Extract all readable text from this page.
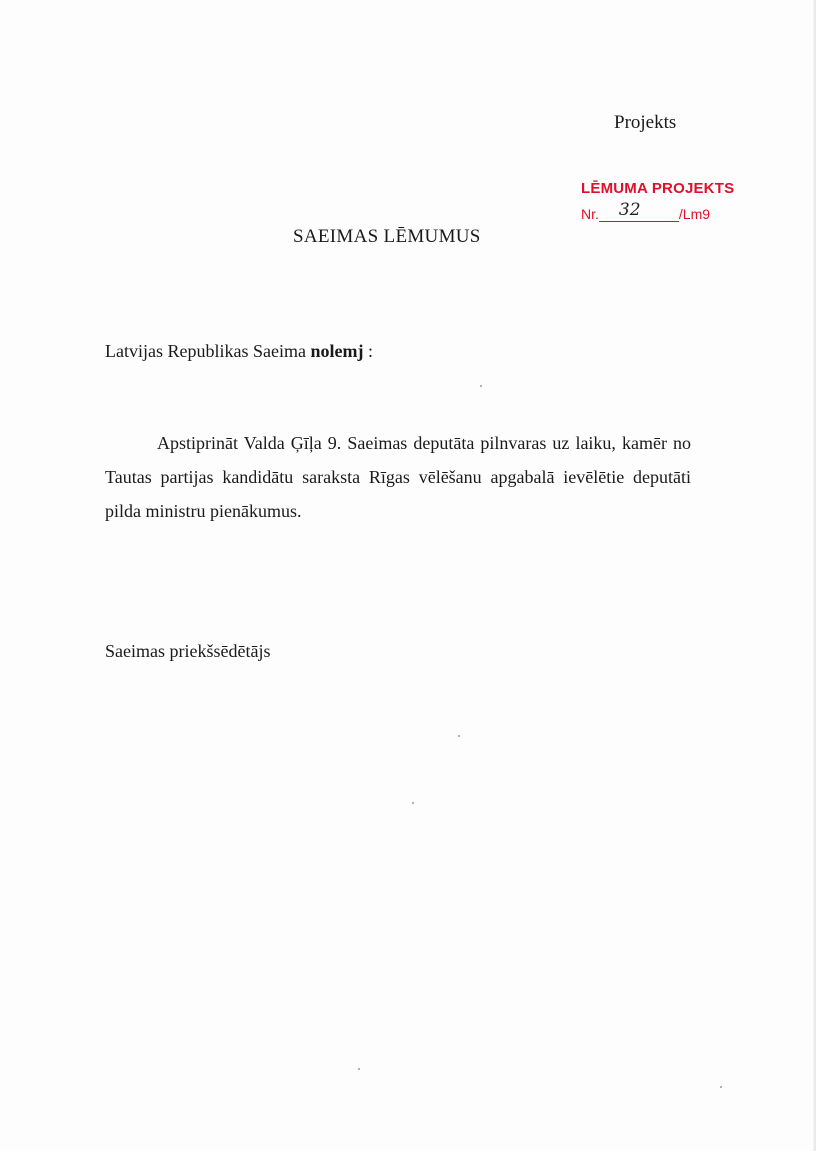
Projekts
LĒMUMA PROJEKTS
Nr. 32	/Lm9
SAEIMAS LĒMUMUS
Latvijas Republikas Saeima nolemj :
Apstiprināt Valda Ģīļa 9. Saeimas deputāta pilnvaras uz laiku, kamēr no Tautas partijas kandidātu saraksta Rīgas vēlēšanu apgabalā ievēlētie deputāti pilda ministru pienākumus.
Saeimas priekšsēdētājs
